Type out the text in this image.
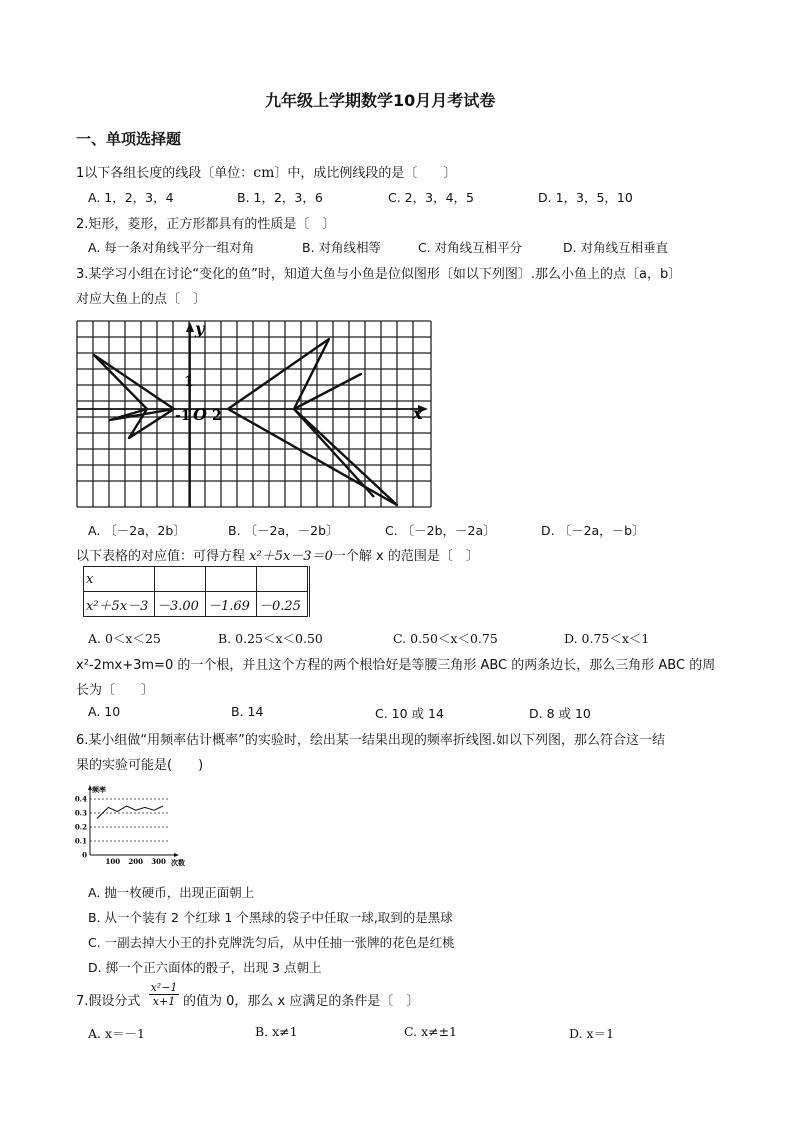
九年级上学期数学10月月考试卷
一、单项选择题
1以下各组长度的线段〔单位：cm〕中，成比例线段的是〔　　〕
A. 1，2，3，4	B. 1，2，3，6	C. 2，3，4，5	D. 1，3，5，10
2.矩形，菱形，正方形都具有的性质是〔　〕
A. 每一条对角线平分一组对角	B. 对角线相等	C. 对角线互相平分	D. 对角线互相垂直
3.某学习小组在讨论“变化的鱼”时，知道大鱼与小鱼是位似图形〔如以下列图〕.那么小鱼上的点〔a，b〕
对应大鱼上的点〔　〕
y
x
1
-1 O 2
A. 〔－2a，2b〕	B. 〔－2a，－2b〕	C. 〔－2b，－2a〕	D. 〔－2a，－b〕
以下表格的对应值：可得方程 x²＋5x－3＝0一个解 x 的范围是〔　〕
x			
x²＋5x－3	－3.00	－1.69	－0.25
A. 0＜x＜25	B. 0.25＜x＜0.50	C. 0.50＜x＜0.75	D. 0.75＜x＜1
x²-2mx+3m=0 的一个根，并且这个方程的两个根恰好是等腰三角形 ABC 的两条边长，那么三角形 ABC 的周
长为〔　　〕
A. 10	B. 14	C. 10 或 14	D. 8 或 10
6.某小组做“用频率估计概率”的实验时，绘出某一结果出现的频率折线图.如以下列图，那么符合这一结
果的实验可能是(　　)
频率
次数
0.4
0.3
0.2
0.1
0
100 200 300
A. 抛一枚硬币，出现正面朝上
B. 从一个装有 2 个红球 1 个黑球的袋子中任取一球,取到的是黑球
C. 一副去掉大小王的扑克牌洗匀后，从中任抽一张牌的花色是红桃
D. 掷一个正六面体的骰子，出现 3 点朝上
7.假设分式 $\frac{\text{x²−1}}{x+1}$ 的值为 0，那么 x 应满足的条件是〔　〕
A. x＝－1	B. x≠1	C. x≠±1	D. x＝1
